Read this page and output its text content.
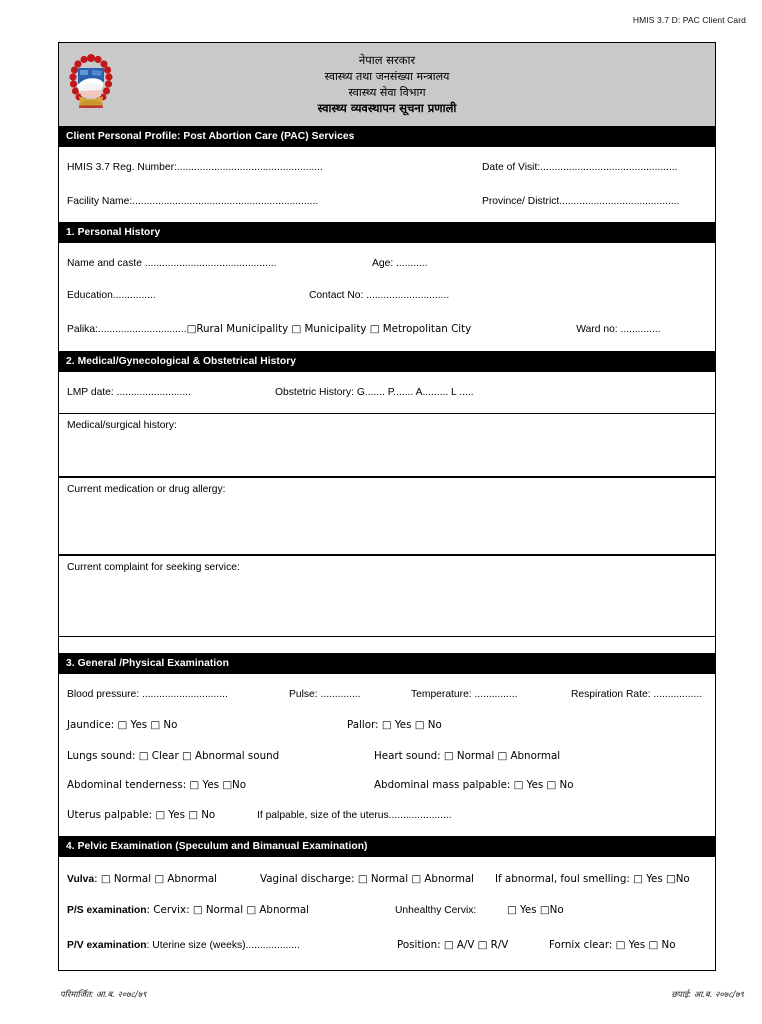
HMIS 3.7 D: PAC Client Card
नेपाल सरकार
स्वास्थ्य तथा जनसंख्या मन्त्रालय
स्वास्थ्य सेवा विभाग
स्वास्थ्य व्यवस्थापन सूचना प्रणाली
Client Personal Profile: Post Abortion Care (PAC) Services
HMIS 3.7 Reg. Number:...................................................	Date of Visit:................................................
Facility Name:.................................................................	Province/ District..........................................
1. Personal History
Name and caste ..............................................	Age: ...........
Education...............	Contact No: .............................
Palika:............................... □Rural Municipality □ Municipality □ Metropolitan City	Ward no: ..............
2. Medical/Gynecological & Obstetrical History
LMP date: ..........................	Obstetric History: G....... P....... A......... L .....
Medical/surgical history:
Current medication or drug allergy:
Current complaint for seeking service:
3. General /Physical Examination
Blood pressure: ..............................	Pulse: ..............	Temperature: ...............	Respiration Rate: .................
Jaundice: □ Yes □ No	Pallor: □ Yes □ No
Lungs sound: □ Clear □ Abnormal sound	Heart sound: □ Normal □ Abnormal
Abdominal tenderness: □ Yes □No	Abdominal mass palpable: □ Yes □ No
Uterus palpable: □ Yes □ No	If palpable, size of the uterus......................
4. Pelvic Examination (Speculum and Bimanual Examination)
Vulva: □ Normal □ Abnormal	Vaginal discharge: □ Normal □ Abnormal	If abnormal, foul smelling: □ Yes □No
P/S examination: Cervix: □ Normal □ Abnormal	Unhealthy Cervix:	□ Yes □No
P/V examination: Uterine size (weeks)...................	Position: □ A/V □ R/V	Fornix clear: □ Yes □ No
परिमार्जित: आ.ब. २०७८/७९	छपाई: आ.ब. २०७८/७९
